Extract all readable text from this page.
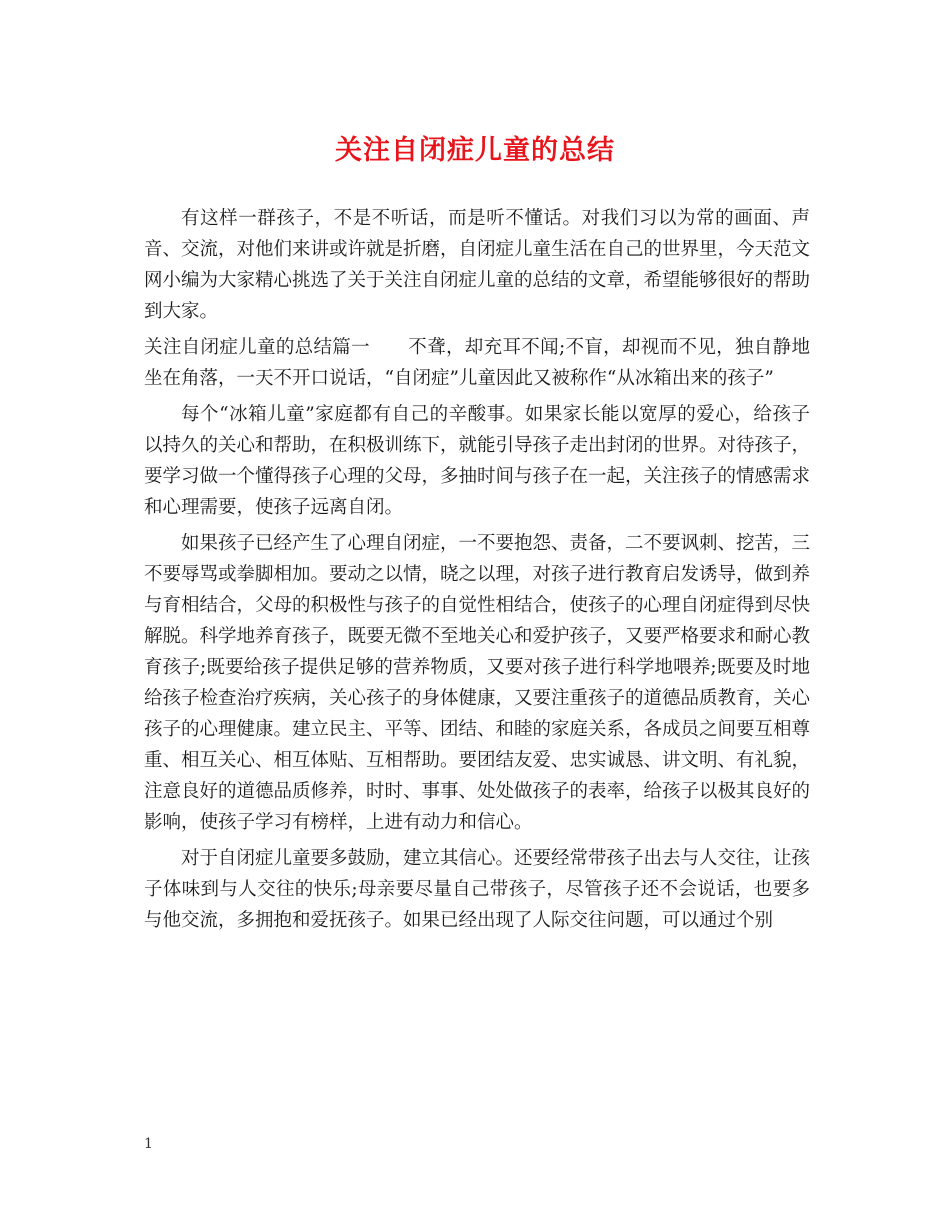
关注自闭症儿童的总结

有这样一群孩子，不是不听话，而是听不懂话。对我们习以为常的画面、声音、交流，对他们来讲或许就是折磨，自闭症儿童生活在自己的世界里，今天范文网小编为大家精心挑选了关于关注自闭症儿童的总结的文章，希望能够很好的帮助到大家。

关注自闭症儿童的总结篇一 不聋，却充耳不闻;不盲，却视而不见，独自静地坐在角落，一天不开口说话，“自闭症”儿童因此又被称作“从冰箱出来的孩子”

每个“冰箱儿童”家庭都有自己的辛酸事。如果家长能以宽厚的爱心，给孩子以持久的关心和帮助，在积极训练下，就能引导孩子走出封闭的世界。对待孩子，要学习做一个懂得孩子心理的父母，多抽时间与孩子在一起，关注孩子的情感需求和心理需要，使孩子远离自闭。

如果孩子已经产生了心理自闭症，一不要抱怨、责备，二不要讽刺、挖苦，三不要辱骂或拳脚相加。要动之以情，晓之以理，对孩子进行教育启发诱导，做到养与育相结合，父母的积极性与孩子的自觉性相结合，使孩子的心理自闭症得到尽快解脱。科学地养育孩子，既要无微不至地关心和爱护孩子，又要严格要求和耐心教育孩子;既要给孩子提供足够的营养物质，又要对孩子进行科学地喂养;既要及时地给孩子检查治疗疾病，关心孩子的身体健康，又要注重孩子的道德品质教育，关心孩子的心理健康。建立民主、平等、团结、和睦的家庭关系，各成员之间要互相尊重、相互关心、相互体贴、互相帮助。要团结友爱、忠实诚恳、讲文明、有礼貌，注意良好的道德品质修养，时时、事事、处处做孩子的表率，给孩子以极其良好的影响，使孩子学习有榜样，上进有动力和信心。

对于自闭症儿童要多鼓励，建立其信心。还要经常带孩子出去与人交往，让孩子体味到与人交往的快乐;母亲要尽量自己带孩子，尽管孩子还不会说话，也要多与他交流，多拥抱和爱抚孩子。如果已经出现了人际交往问题，可以通过个别

1
